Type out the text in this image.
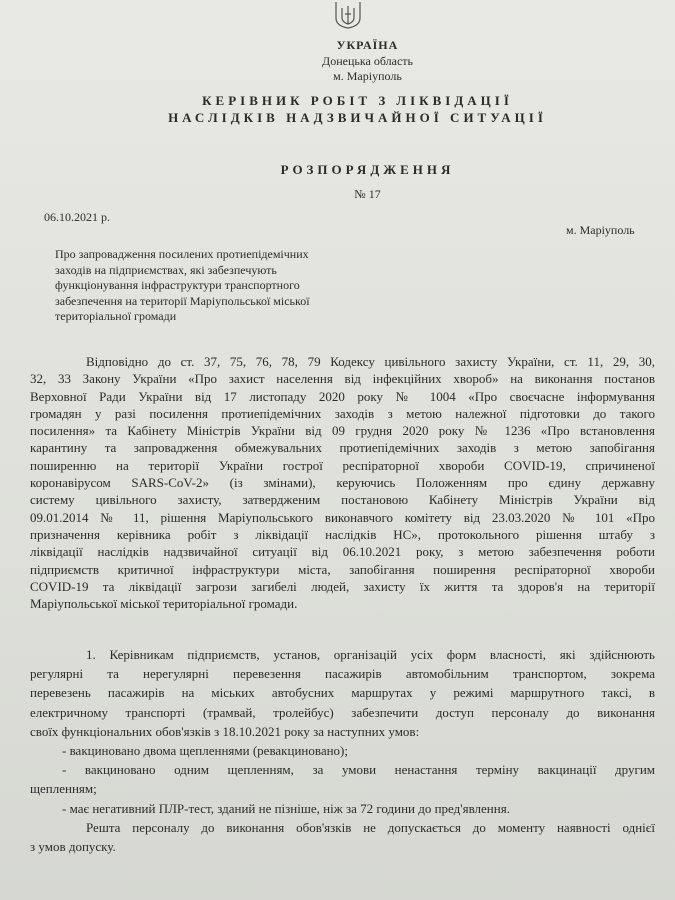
УКРАЇНА
Донецька область
м. Маріуполь
КЕРІВНИК РОБІТ З ЛІКВІДАЦІЇ
НАСЛІДКІВ НАДЗВИЧАЙНОЇ СИТУАЦІЇ
РОЗПОРЯДЖЕННЯ
№ 17
06.10.2021 р.
м. Маріуполь
Про запровадження посилених протиепідемічних
заходів на підприємствах, які забезпечують
функціонування інфраструктури транспортного
забезпечення на території Маріупольської міської
територіальної громади
Відповідно до ст. 37, 75, 76, 78, 79 Кодексу цивільного захисту України, ст. 11, 29, 30,
32, 33 Закону України «Про захист населення від інфекційних хвороб» на виконання постанов
Верховної Ради України від 17 листопаду 2020 року № 1004 «Про своєчасне інформування
громадян у разі посилення протиепідемічних заходів з метою належної підготовки до такого
посилення» та Кабінету Міністрів України від 09 грудня 2020 року № 1236 «Про встановлення
карантину та запровадження обмежувальних протиепідемічних заходів з метою запобігання
поширенню на території України гострої респіраторної хвороби COVID-19, спричиненої
коронавірусом SARS-CoV-2» (із змінами), керуючись Положенням про єдину державну
систему цивільного захисту, затвердженим постановою Кабінету Міністрів України від
09.01.2014 № 11, рішення Маріупольського виконавчого комітету від 23.03.2020 № 101 «Про
призначення керівника робіт з ліквідації наслідків НС», протокольного рішення штабу з
ліквідації наслідків надзвичайної ситуації від 06.10.2021 року, з метою забезпечення роботи
підприємств критичної інфраструктури міста, запобігання поширення респіраторної хвороби
COVID-19 та ліквідації загрози загибелі людей, захисту їх життя та здоров'я на території
Маріупольської міської територіальної громади.
1. Керівникам підприємств, установ, організацій усіх форм власності, які здійснюють
регулярні та нерегулярні перевезення пасажирів автомобільним транспортом, зокрема
перевезень пасажирів на міських автобусних маршрутах у режимі маршрутного таксі, в
електричному транспорті (трамвай, тролейбус) забезпечити доступ персоналу до виконання
своїх функціональних обов'язків з 18.10.2021 року за наступних умов:
- вакциновано двома щепленнями (ревакциновано);
- вакциновано одним щепленням, за умови ненастання терміну вакцинації другим
щепленням;
- має негативний ПЛР-тест, зданий не пізніше, ніж за 72 години до пред'явлення.
Решта персоналу до виконання обов'язків не допускається до моменту наявності однієї
з умов допуску.
